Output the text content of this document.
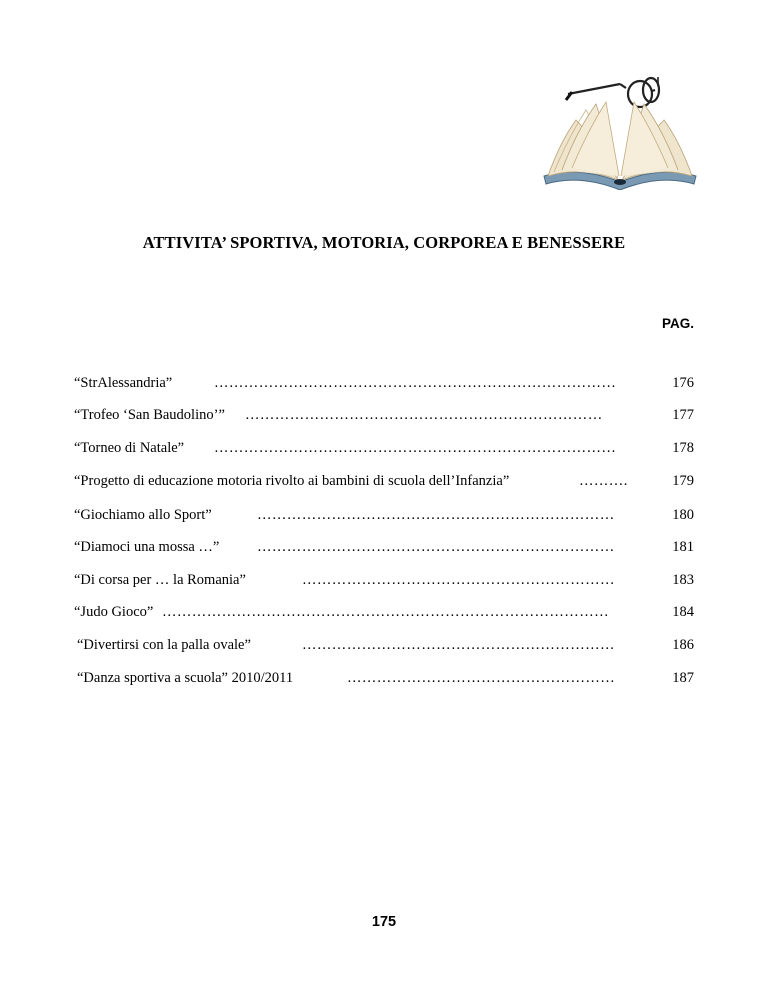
ATTIVITA’ SPORTIVA, MOTORIA, CORPOREA E BENESSERE
PAG.
“StrAlessandria”	………………………………………………………………………	176
“Trofeo ‘San Baudolino’” ………………………………………………………………	177
“Torneo di Natale” ………………………………………………………………………	178
“Progetto di educazione motoria rivolto ai bambini di scuola dell’Infanzia”	……….	179
“Giochiamo allo Sport”	………………………………………………………………	180
“Diamoci una mossa …”	………………………………………………………………	181
“Di corsa per … la Romania”	………………………………………………………	183
“Judo Gioco” ………………………………………………………………………………	184
“Divertirsi con la palla ovale”	………………………………………………………	186
“Danza sportiva a scuola” 2010/2011	………………………………………………	187
175
